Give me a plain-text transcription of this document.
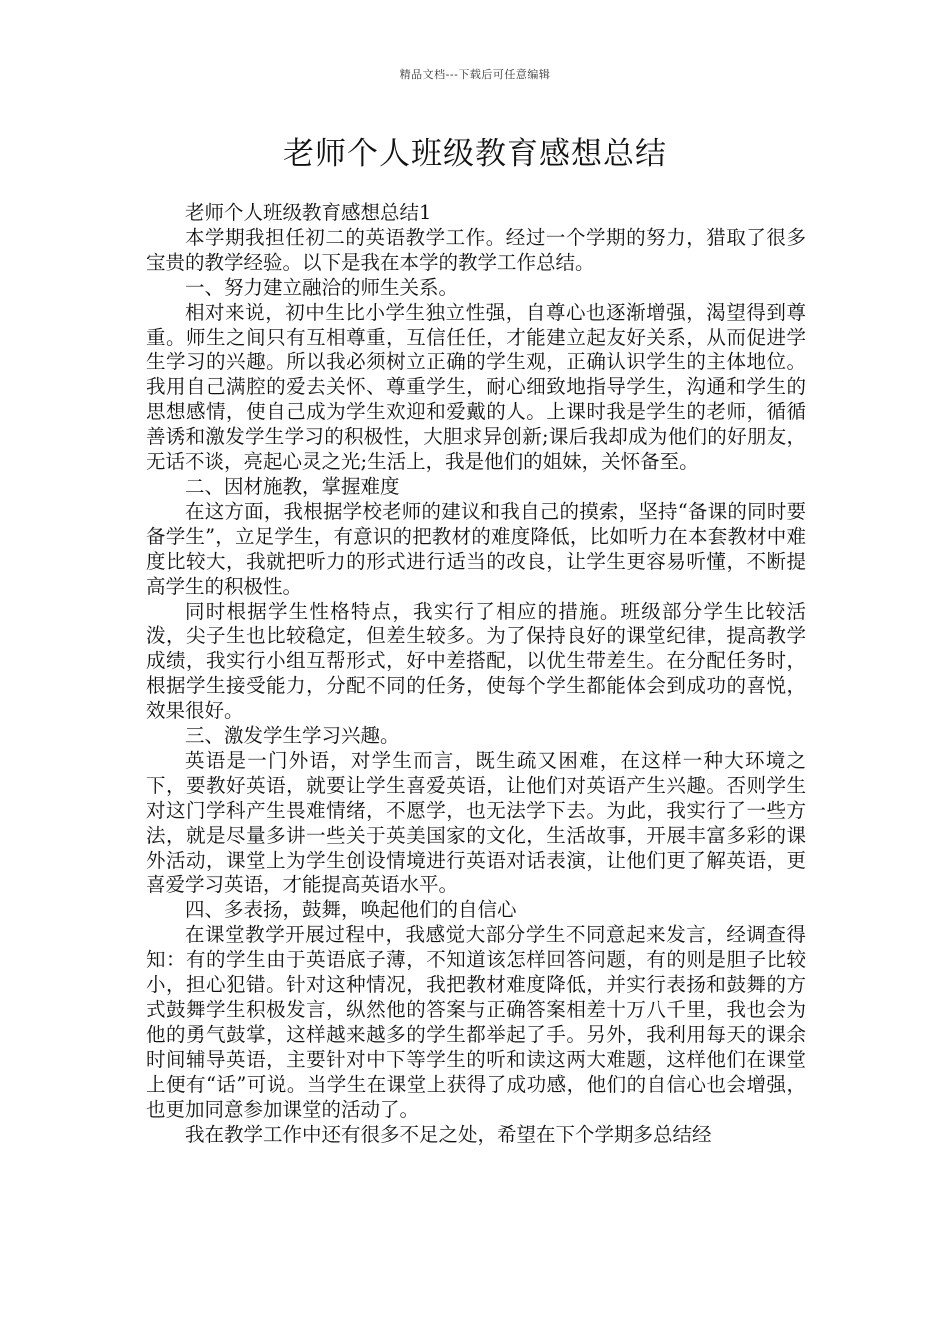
精品文档---下载后可任意编辑
老师个人班级教育感想总结

老师个人班级教育感想总结1

本学期我担任初二的英语教学工作。经过一个学期的努力，猎取了很多宝贵的教学经验。以下是我在本学的教学工作总结。

一、努力建立融洽的师生关系。

相对来说，初中生比小学生独立性强，自尊心也逐渐增强，渴望得到尊重。师生之间只有互相尊重，互信任任，才能建立起友好关系，从而促进学生学习的兴趣。所以我必须树立正确的学生观，正确认识学生的主体地位。我用自己满腔的爱去关怀、尊重学生，耐心细致地指导学生，沟通和学生的思想感情，使自己成为学生欢迎和爱戴的人。上课时我是学生的老师，循循善诱和激发学生学习的积极性，大胆求异创新;课后我却成为他们的好朋友，无话不谈，亮起心灵之光;生活上，我是他们的姐妹，关怀备至。

二、因材施教，掌握难度

在这方面，我根据学校老师的建议和我自己的摸索，坚持“备课的同时要备学生”，立足学生，有意识的把教材的难度降低，比如听力在本套教材中难度比较大，我就把听力的形式进行适当的改良，让学生更容易听懂，不断提高学生的积极性。

同时根据学生性格特点，我实行了相应的措施。班级部分学生比较活泼，尖子生也比较稳定，但差生较多。为了保持良好的课堂纪律，提高教学成绩，我实行小组互帮形式，好中差搭配，以优生带差生。在分配任务时，根据学生接受能力，分配不同的任务，使每个学生都能体会到成功的喜悦，效果很好。

三、激发学生学习兴趣。

英语是一门外语，对学生而言，既生疏又困难，在这样一种大环境之下，要教好英语，就要让学生喜爱英语，让他们对英语产生兴趣。否则学生对这门学科产生畏难情绪，不愿学，也无法学下去。为此，我实行了一些方法，就是尽量多讲一些关于英美国家的文化，生活故事，开展丰富多彩的课外活动，课堂上为学生创设情境进行英语对话表演，让他们更了解英语，更喜爱学习英语，才能提高英语水平。

四、多表扬，鼓舞，唤起他们的自信心

在课堂教学开展过程中，我感觉大部分学生不同意起来发言，经调查得知：有的学生由于英语底子薄，不知道该怎样回答问题，有的则是胆子比较小，担心犯错。针对这种情况，我把教材难度降低，并实行表扬和鼓舞的方式鼓舞学生积极发言，纵然他的答案与正确答案相差十万八千里，我也会为他的勇气鼓掌，这样越来越多的学生都举起了手。另外，我利用每天的课余时间辅导英语，主要针对中下等学生的听和读这两大难题，这样他们在课堂上便有“话”可说。当学生在课堂上获得了成功感，他们的自信心也会增强，也更加同意参加课堂的活动了。

我在教学工作中还有很多不足之处，希望在下个学期多总结经
